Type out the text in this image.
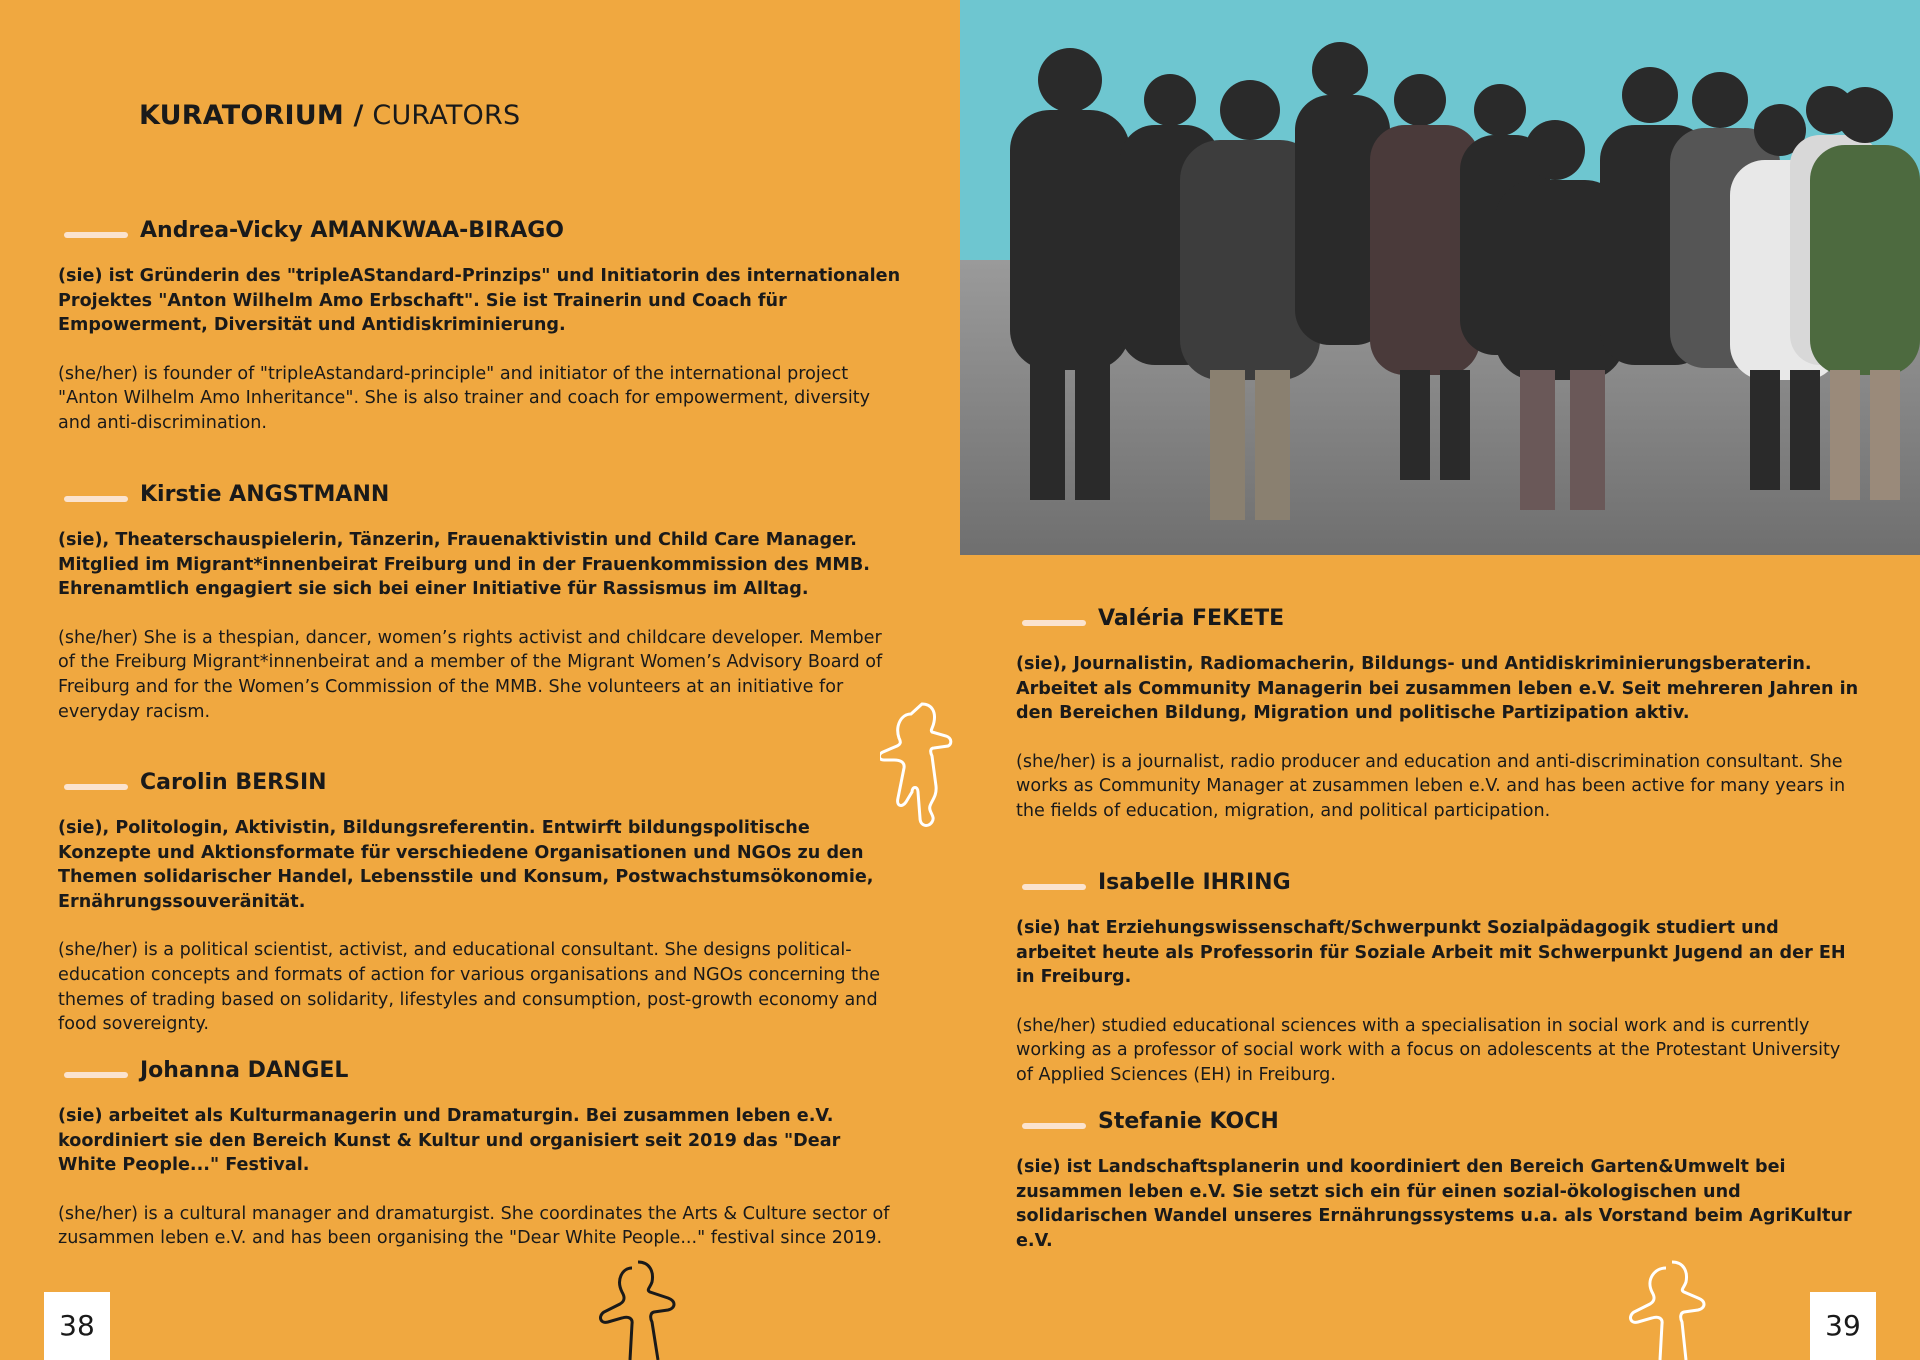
KURATORIUM / CURATORS
Andrea-Vicky AMANKWAA-BIRAGO
(sie) ist Gründerin des "tripleAStandard-Prinzips" und Initiatorin des internationalen Projektes "Anton Wilhelm Amo Erbschaft". Sie ist Trainerin und Coach für Empowerment, Diversität und Antidiskriminierung.
(she/her) is founder of "tripleAstandard-principle" and initiator of the international project "Anton Wilhelm Amo Inheritance". She is also trainer and coach for empowerment, diversity and anti-discrimination.
Kirstie ANGSTMANN
(sie), Theaterschauspielerin, Tänzerin, Frauenaktivistin und Child Care Manager. Mitglied im Migrant*innenbeirat Freiburg und in der Frauenkommission des MMB. Ehrenamtlich engagiert sie sich bei einer Initiative für Rassismus im Alltag.
(she/her) She is a thespian, dancer, women’s rights activist and childcare developer. Member of the Freiburg Migrant*innenbeirat and a member of the Migrant Women’s Advisory Board of Freiburg and for the Women’s Commission of the MMB. She volunteers at an initiative for everyday racism.
Carolin BERSIN
(sie), Politologin, Aktivistin, Bildungsreferentin. Entwirft bildungspolitische Konzepte und Aktionsformate für verschiedene Organisationen und NGOs zu den Themen solidarischer Handel, Lebensstile und Konsum, Postwachstumsökonomie, Ernährungssouveränität.
(she/her) is a political scientist, activist, and educational consultant. She designs political-education concepts and formats of action for various organisations and NGOs concerning the themes of trading based on solidarity, lifestyles and consumption, post-growth economy and food sovereignty.
Johanna DANGEL
(sie) arbeitet als Kulturmanagerin und Dramaturgin. Bei zusammen leben e.V. koordiniert sie den Bereich Kunst & Kultur und organisiert seit 2019 das "Dear White People..." Festival.
(she/her) is a cultural manager and dramaturgist. She coordinates the Arts & Culture sector of zusammen leben e.V. and has been organising the "Dear White People..." festival since 2019.
Valéria FEKETE
(sie), Journalistin, Radiomacherin, Bildungs- und Antidiskriminierungsberaterin. Arbeitet als Community Managerin bei zusammen leben e.V. Seit mehreren Jahren in den Bereichen Bildung, Migration und politische Partizipation aktiv.
(she/her) is a journalist, radio producer and education and anti-discrimination consultant. She works as Community Manager at zusammen leben e.V. and has been active for many years in the fields of education, migration, and political participation.
Isabelle IHRING
(sie) hat Erziehungswissenschaft/Schwerpunkt Sozialpädagogik studiert und arbeitet heute als Professorin für Soziale Arbeit mit Schwerpunkt Jugend an der EH in Freiburg.
(she/her) studied educational sciences with a specialisation in social work and is currently working as a professor of social work with a focus on adolescents at the Protestant University of Applied Sciences (EH) in Freiburg.
Stefanie KOCH
(sie) ist Landschaftsplanerin und koordiniert den Bereich Garten&Umwelt bei zusammen leben e.V. Sie setzt sich ein für einen sozial-ökologischen und solidarischen Wandel unseres Ernährungssystems u.a. als Vorstand beim AgriKultur e.V.
38	39
